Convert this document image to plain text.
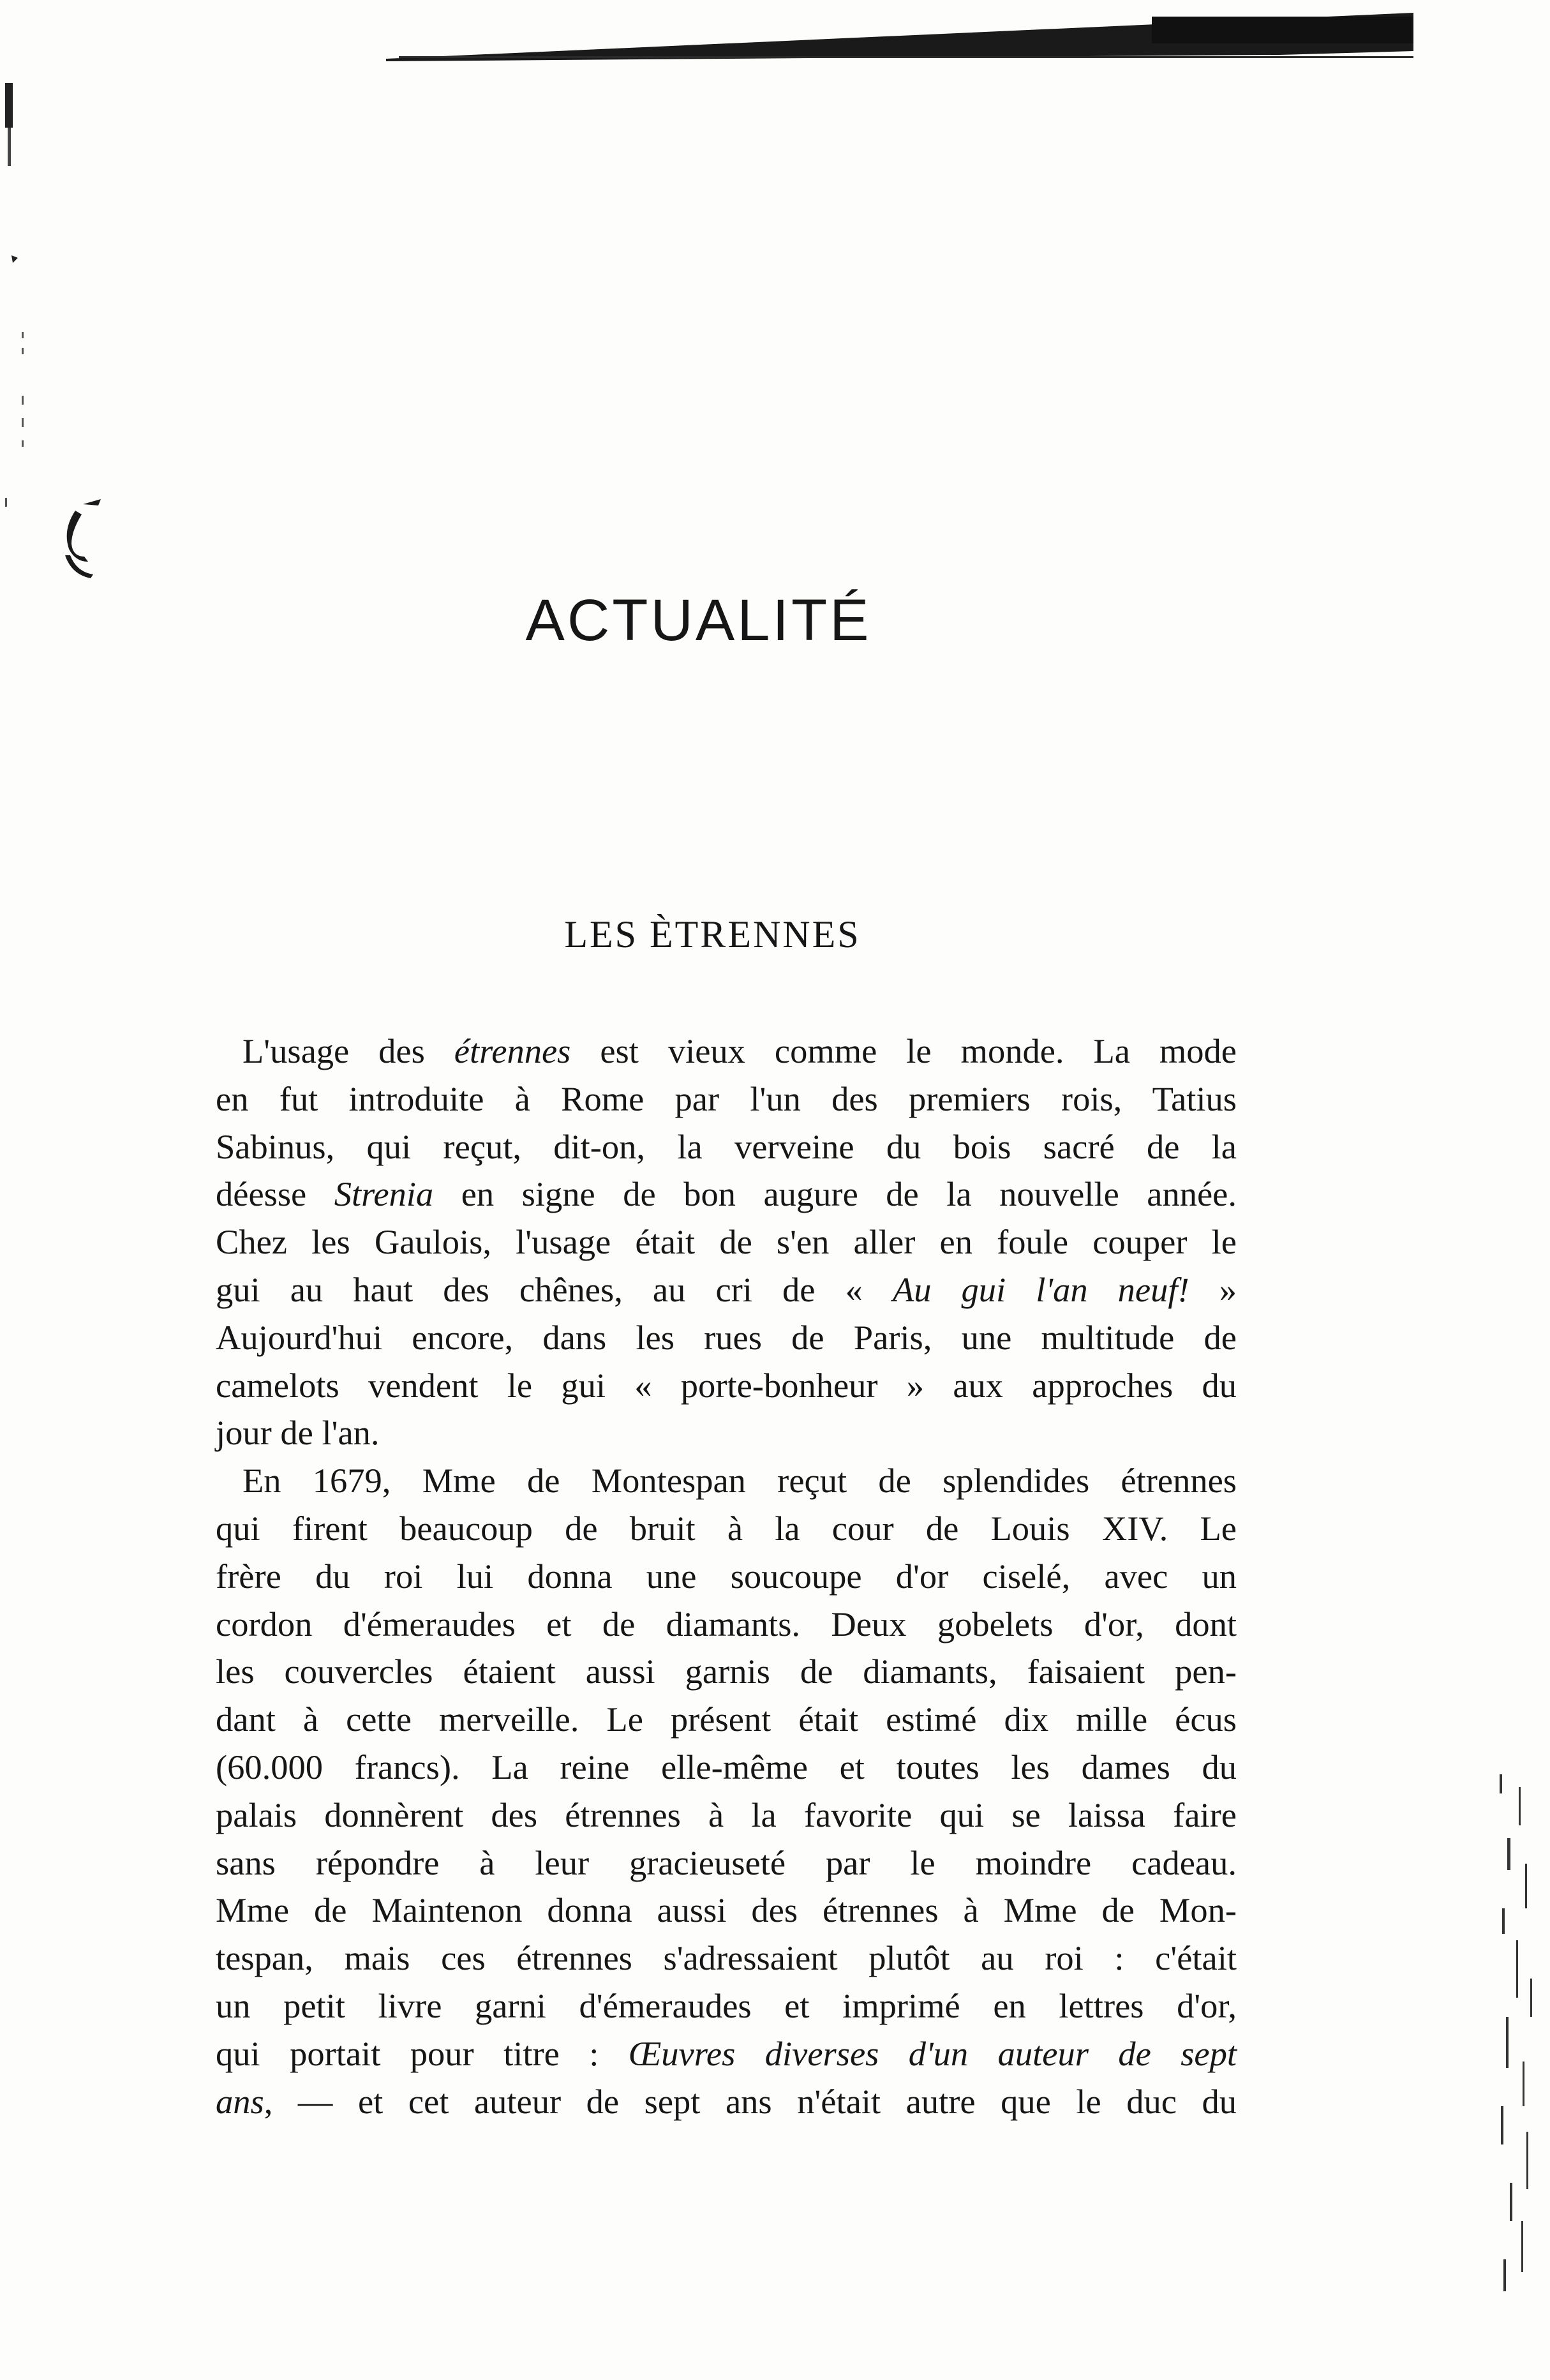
ACTUALITÉ
LES ÈTRENNES
L'usage des étrennes est vieux comme le monde. La mode
en fut introduite à Rome par l'un des premiers rois, Tatius
Sabinus, qui reçut, dit-on, la verveine du bois sacré de la
déesse Strenia en signe de bon augure de la nouvelle année.
Chez les Gaulois, l'usage était de s'en aller en foule couper le
gui au haut des chênes, au cri de « Au gui l'an neuf! »
Aujourd'hui encore, dans les rues de Paris, une multitude de
camelots vendent le gui « porte-bonheur » aux approches du
jour de l'an.
En 1679, Mme de Montespan reçut de splendides étrennes
qui firent beaucoup de bruit à la cour de Louis XIV. Le
frère du roi lui donna une soucoupe d'or ciselé, avec un
cordon d'émeraudes et de diamants. Deux gobelets d'or, dont
les couvercles étaient aussi garnis de diamants, faisaient pen-
dant à cette merveille. Le présent était estimé dix mille écus
(60.000 francs). La reine elle-même et toutes les dames du
palais donnèrent des étrennes à la favorite qui se laissa faire
sans répondre à leur gracieuseté par le moindre cadeau.
Mme de Maintenon donna aussi des étrennes à Mme de Mon-
tespan, mais ces étrennes s'adressaient plutôt au roi : c'était
un petit livre garni d'émeraudes et imprimé en lettres d'or,
qui portait pour titre : Œuvres diverses d'un auteur de sept
ans, — et cet auteur de sept ans n'était autre que le duc du
